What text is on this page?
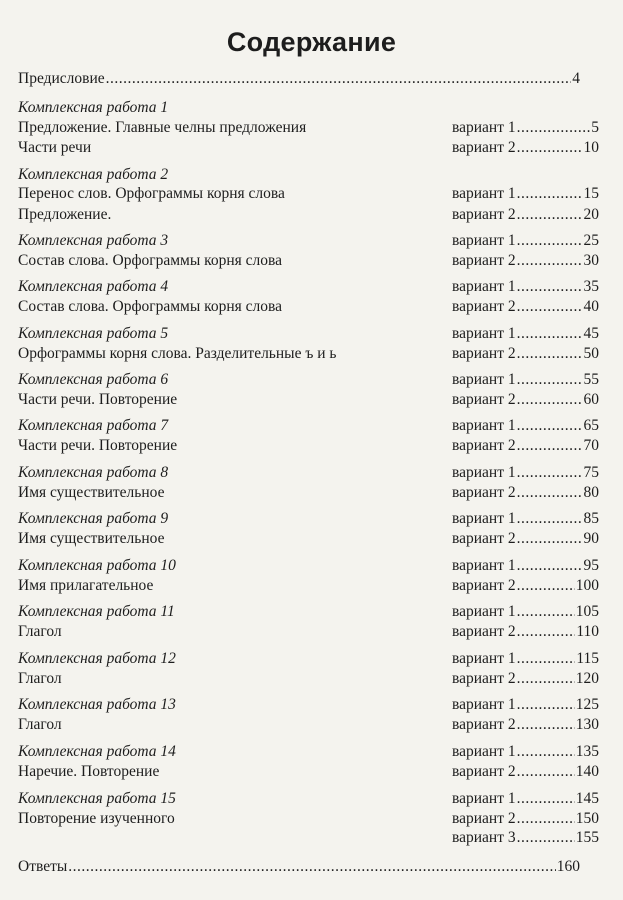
Содержание
Предисловие .....	4
Комплексная работа 1
Предложение. Главные челны предложения	вариант 1 .....	5
Части речи	вариант 2 .....	10
Комплексная работа 2
Перенос слов. Орфограммы корня слова	вариант 1 .....	15
Предложение.	вариант 2 .....	20
Комплексная работа 3	вариант 1 .....	25
Состав слова. Орфограммы корня слова	вариант 2 .....	30
Комплексная работа 4	вариант 1 .....	35
Состав слова. Орфограммы корня слова	вариант 2 .....	40
Комплексная работа 5	вариант 1 .....	45
Орфограммы корня слова. Разделительные ъ и ь	вариант 2 .....	50
Комплексная работа 6	вариант 1 .....	55
Части речи. Повторение	вариант 2 .....	60
Комплексная работа 7	вариант 1 .....	65
Части речи. Повторение	вариант 2 .....	70
Комплексная работа 8	вариант 1 .....	75
Имя существительное	вариант 2 .....	80
Комплексная работа 9	вариант 1 .....	85
Имя существительное	вариант 2 .....	90
Комплексная работа 10	вариант 1 .....	95
Имя прилагательное	вариант 2 .....	100
Комплексная работа 11	вариант 1 .....	105
Глагол	вариант 2 .....	110
Комплексная работа 12	вариант 1 .....	115
Глагол	вариант 2 .....	120
Комплексная работа 13	вариант 1 .....	125
Глагол	вариант 2 .....	130
Комплексная работа 14	вариант 1 .....	135
Наречие. Повторение	вариант 2 .....	140
Комплексная работа 15	вариант 1 .....	145
Повторение изученного	вариант 2 .....	150
вариант 3 .....	155
Ответы .....	160
